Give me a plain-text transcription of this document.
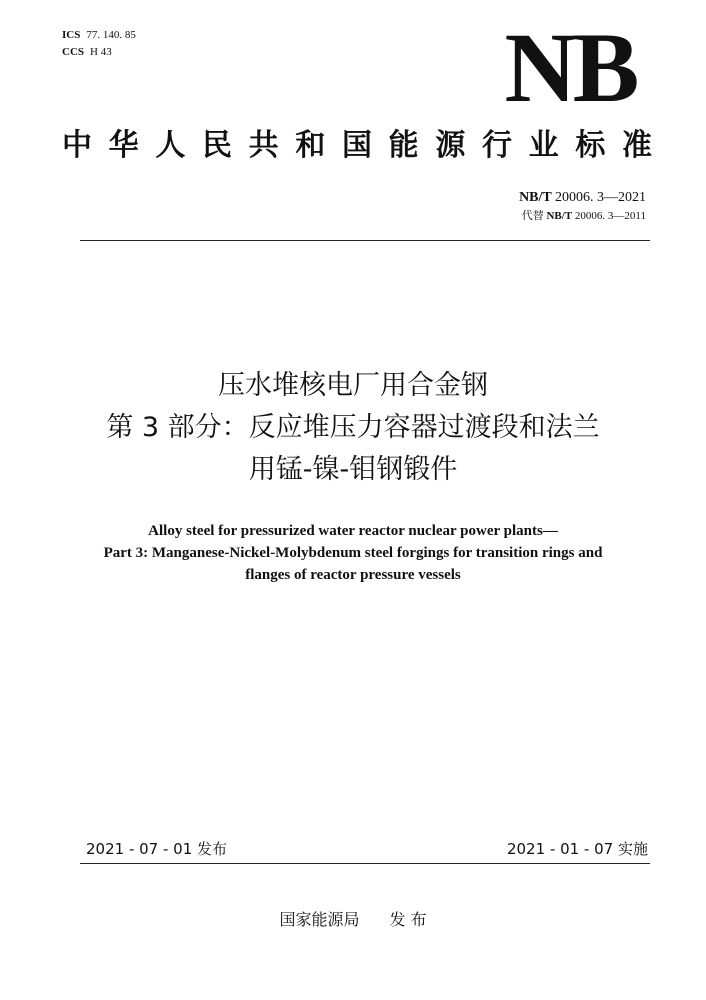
ICS 77. 140. 85
CCS H 43	NB
中华人民共和国能源行业标准
NB/T 20006. 3—2021
代替 NB/T 20006. 3—2011
压水堆核电厂用合金钢
第 3 部分：反应堆压力容器过渡段和法兰
用锰-镍-钼钢锻件
Alloy steel for pressurized water reactor nuclear power plants—
Part 3: Manganese-Nickel-Molybdenum steel forgings for transition rings and
flanges of reactor pressure vessels
2021 - 07 - 01 发布	2021 - 01 - 07 实施
国家能源局 发 布
